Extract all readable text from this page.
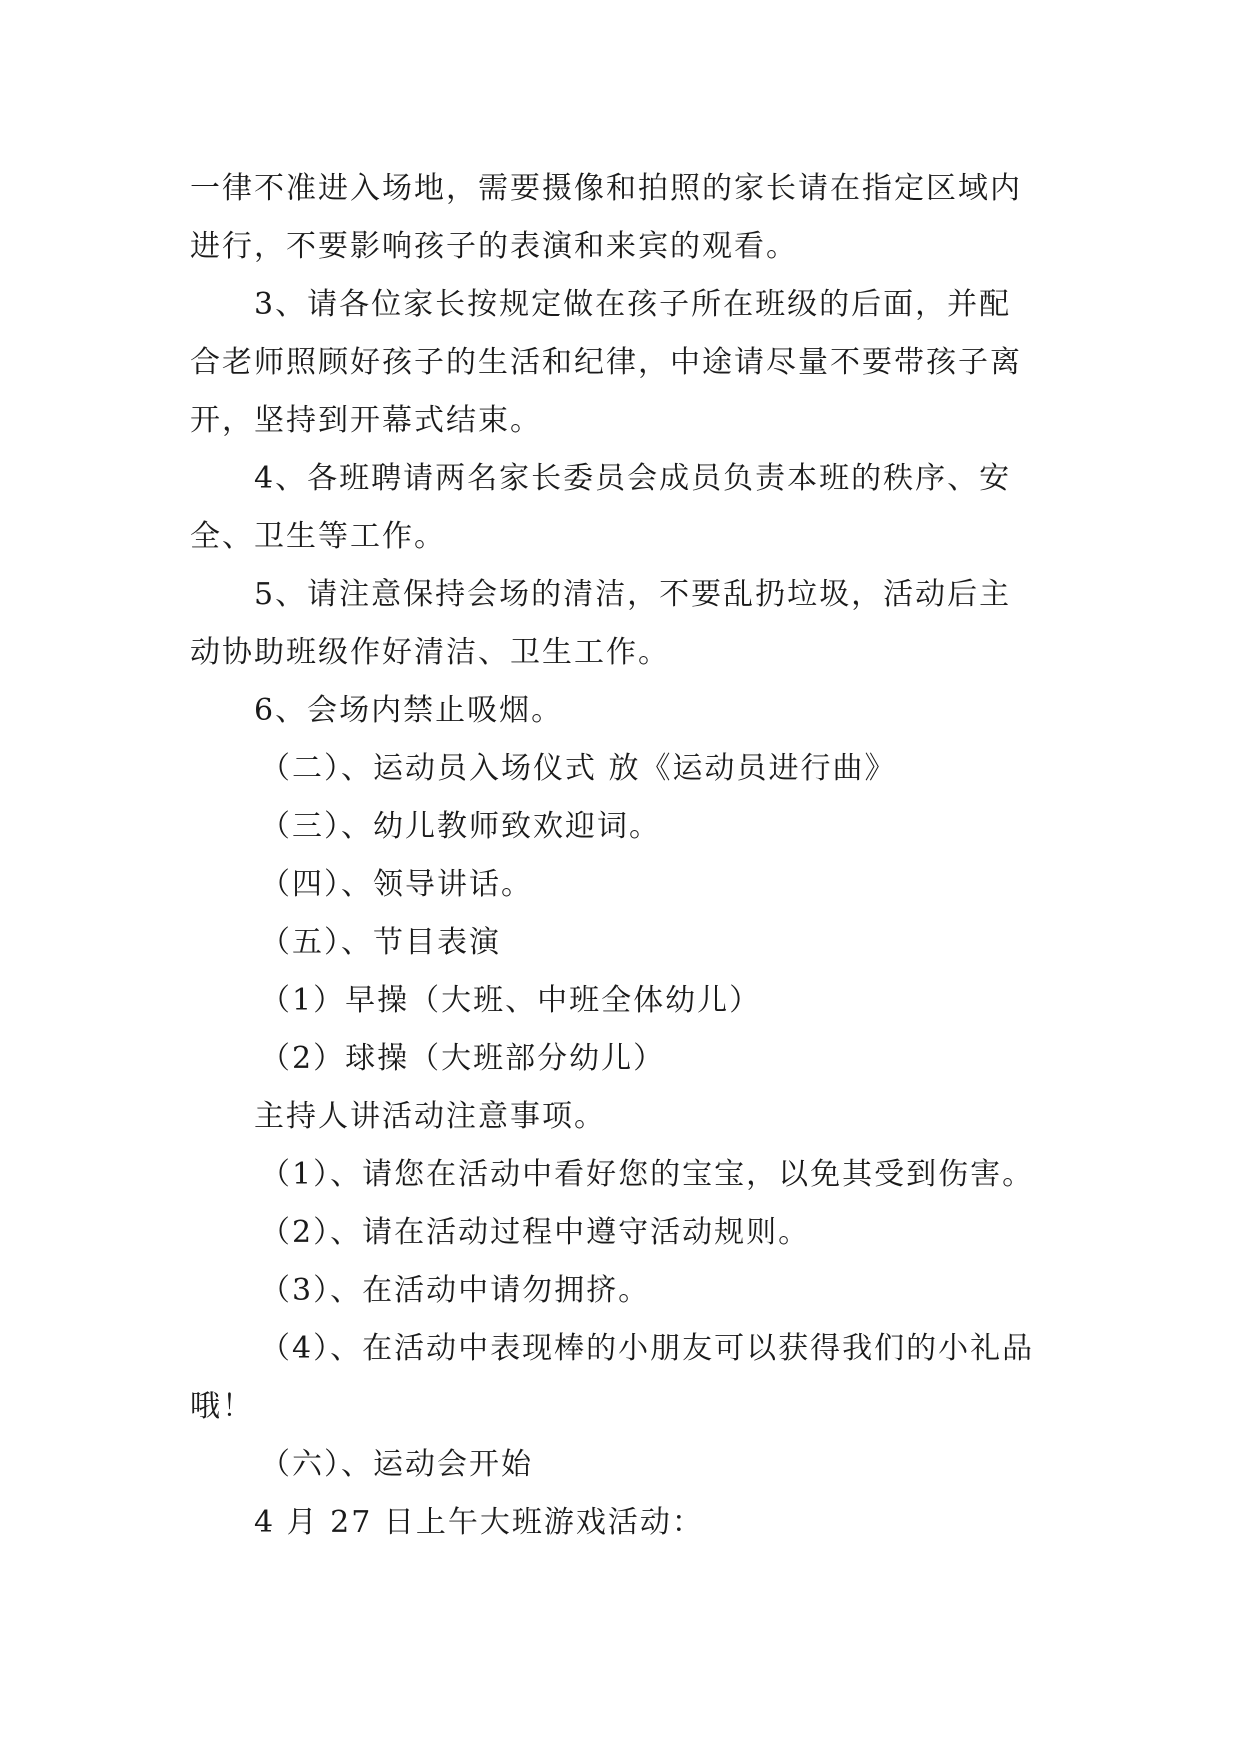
一律不准进入场地，需要摄像和拍照的家长请在指定区域内
进行，不要影响孩子的表演和来宾的观看。
3、请各位家长按规定做在孩子所在班级的后面，并配
合老师照顾好孩子的生活和纪律，中途请尽量不要带孩子离
开，坚持到开幕式结束。
4、各班聘请两名家长委员会成员负责本班的秩序、安
全、卫生等工作。
5、请注意保持会场的清洁，不要乱扔垃圾，活动后主
动协助班级作好清洁、卫生工作。
6、会场内禁止吸烟。
（二）、运动员入场仪式 放《运动员进行曲》
（三）、幼儿教师致欢迎词。
（四）、领导讲话。
（五）、节目表演
（1）早操（大班、中班全体幼儿）
（2）球操（大班部分幼儿）
主持人讲活动注意事项。
（1）、请您在活动中看好您的宝宝，以免其受到伤害。
（2）、请在活动过程中遵守活动规则。
（3）、在活动中请勿拥挤。
（4）、在活动中表现棒的小朋友可以获得我们的小礼品
哦！
（六）、运动会开始
4 月 27 日上午大班游戏活动：
